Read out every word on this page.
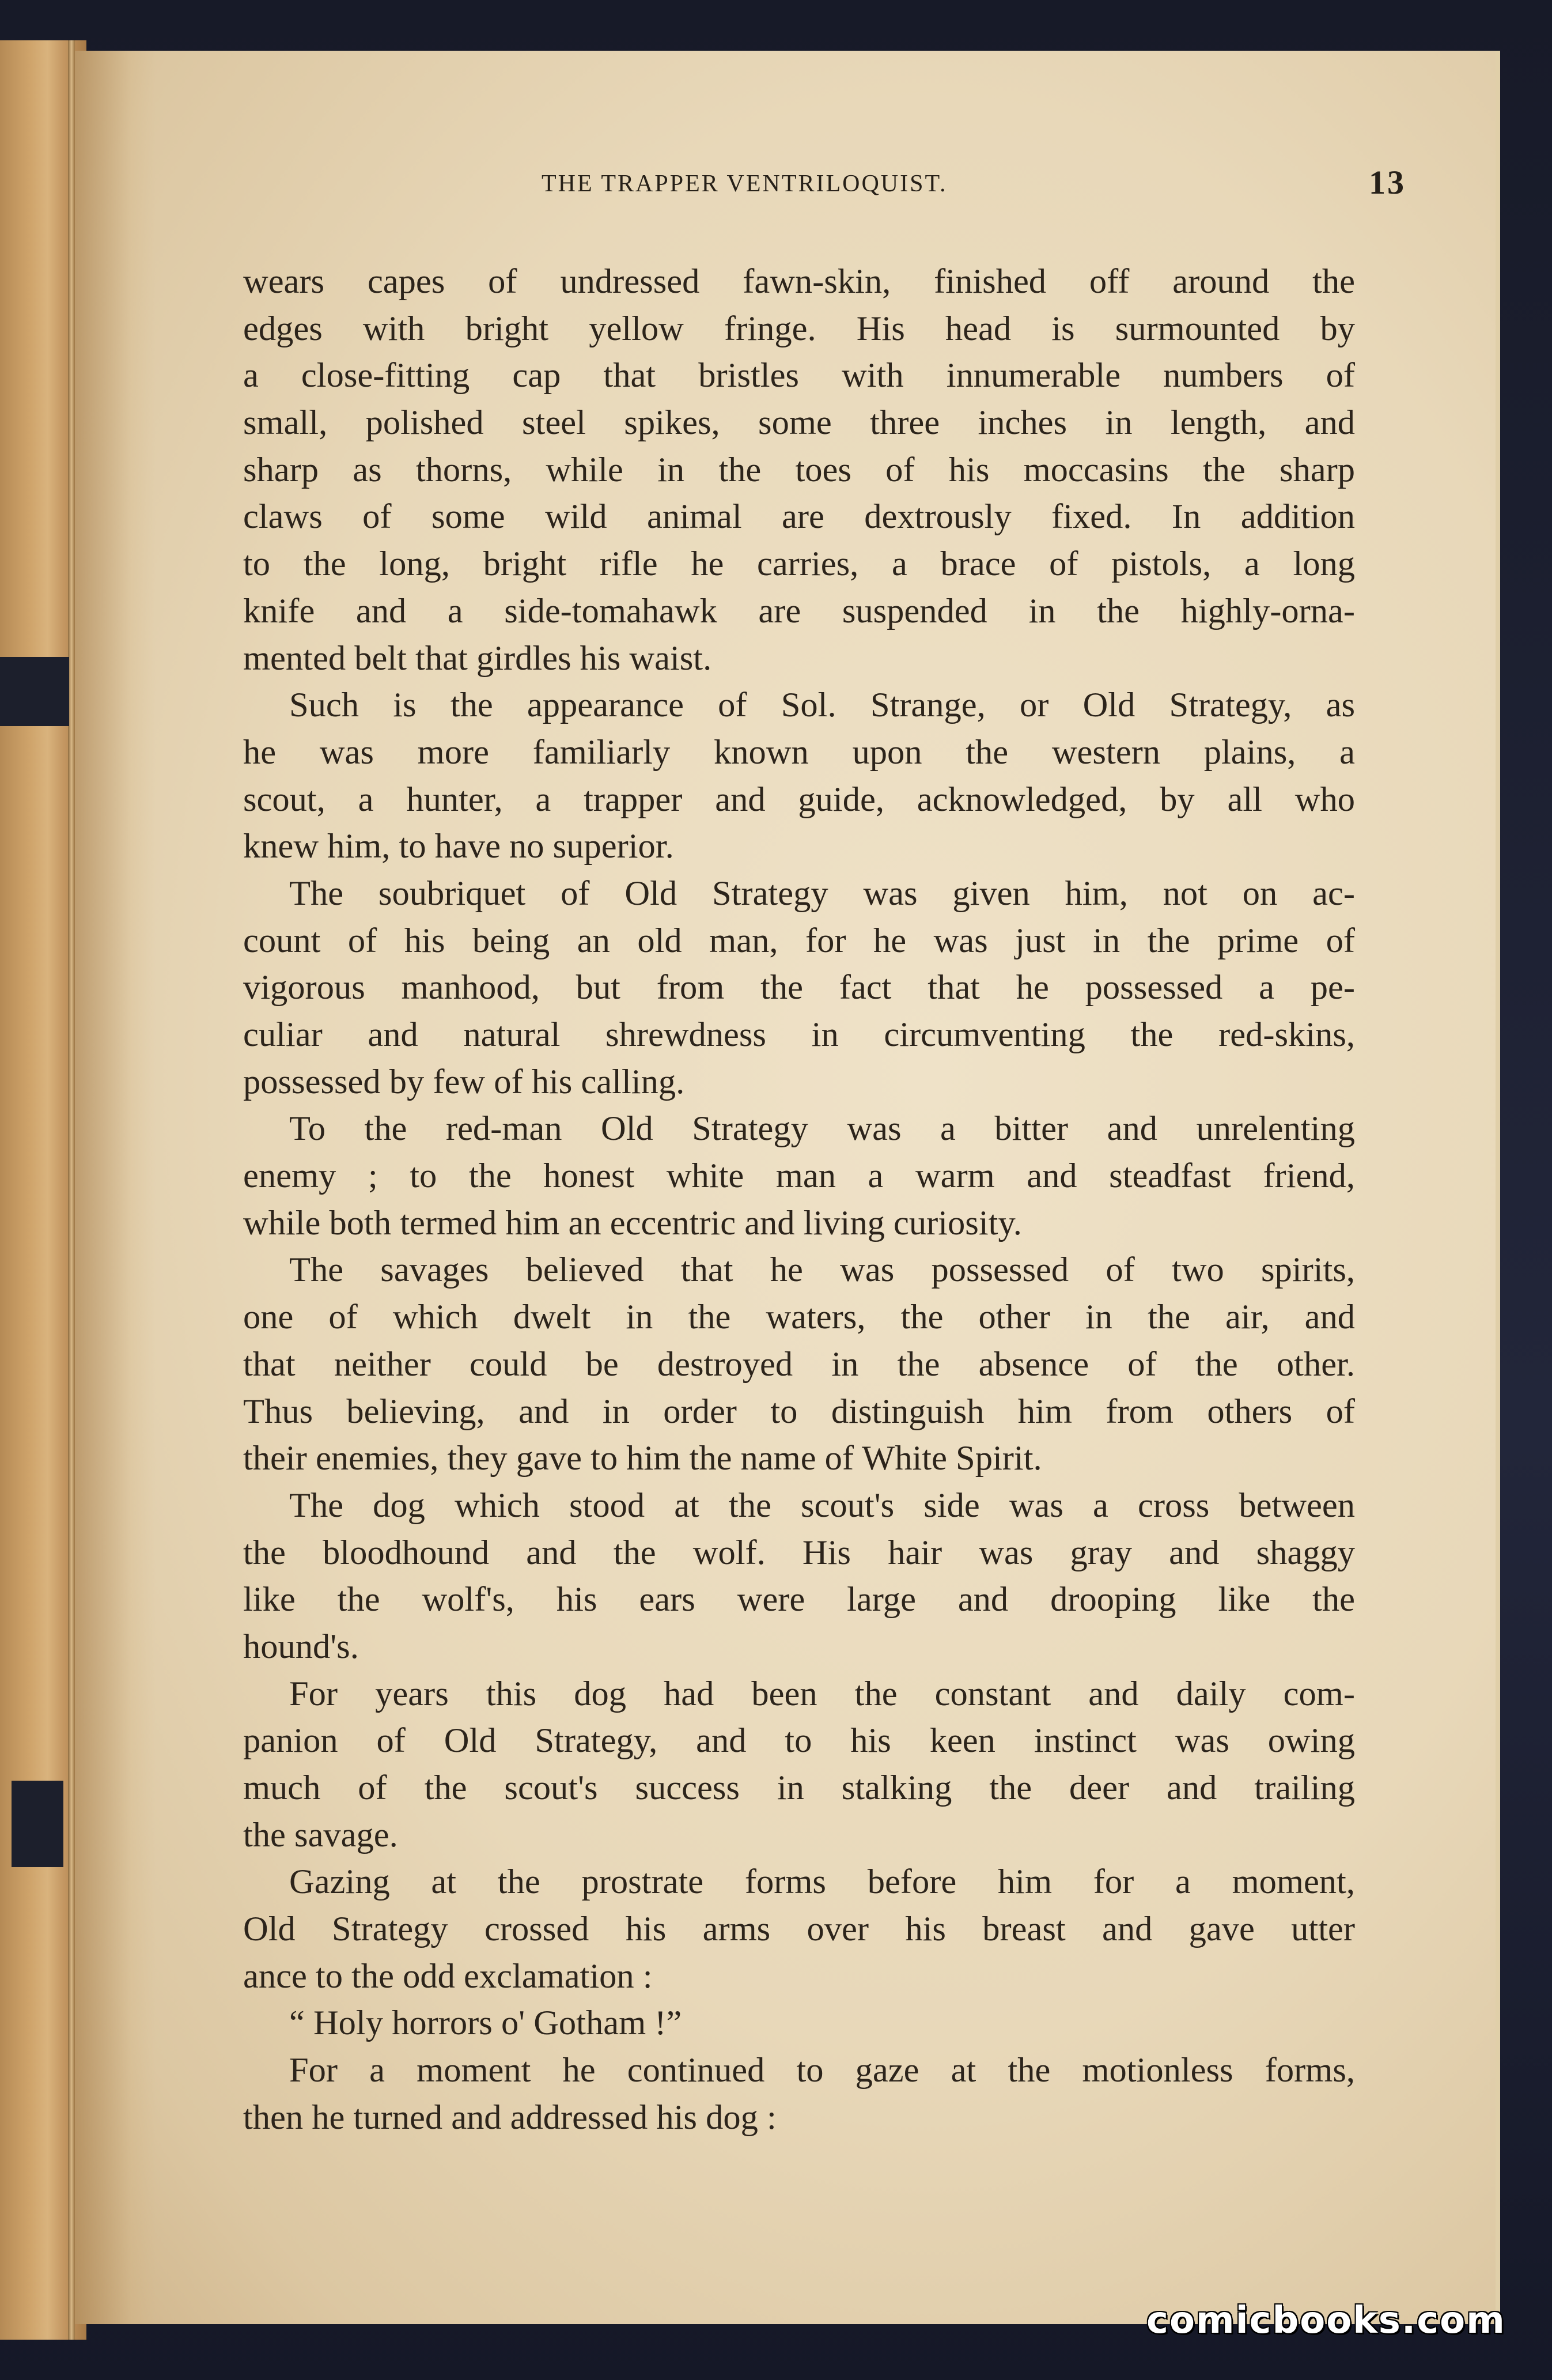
THE TRAPPER VENTRILOQUIST.	13
wears capes of undressed fawn-skin, finished off around the
edges with bright yellow fringe. His head is surmounted by
a close-fitting cap that bristles with innumerable numbers of
small, polished steel spikes, some three inches in length, and
sharp as thorns, while in the toes of his moccasins the sharp
claws of some wild animal are dextrously fixed. In addition
to the long, bright rifle he carries, a brace of pistols, a long
knife and a side-tomahawk are suspended in the highly-orna-
mented belt that girdles his waist.
Such is the appearance of Sol. Strange, or Old Strategy, as
he was more familiarly known upon the western plains, a
scout, a hunter, a trapper and guide, acknowledged, by all who
knew him, to have no superior.
The soubriquet of Old Strategy was given him, not on ac-
count of his being an old man, for he was just in the prime of
vigorous manhood, but from the fact that he possessed a pe-
culiar and natural shrewdness in circumventing the red-skins,
possessed by few of his calling.
To the red-man Old Strategy was a bitter and unrelenting
enemy ; to the honest white man a warm and steadfast friend,
while both termed him an eccentric and living curiosity.
The savages believed that he was possessed of two spirits,
one of which dwelt in the waters, the other in the air, and
that neither could be destroyed in the absence of the other.
Thus believing, and in order to distinguish him from others of
their enemies, they gave to him the name of White Spirit.
The dog which stood at the scout's side was a cross between
the bloodhound and the wolf. His hair was gray and shaggy
like the wolf's, his ears were large and drooping like the
hound's.
For years this dog had been the constant and daily com-
panion of Old Strategy, and to his keen instinct was owing
much of the scout's success in stalking the deer and trailing
the savage.
Gazing at the prostrate forms before him for a moment,
Old Strategy crossed his arms over his breast and gave utter
ance to the odd exclamation :
“ Holy horrors o' Gotham !”
For a moment he continued to gaze at the motionless forms,
then he turned and addressed his dog :
comicbooks.com
